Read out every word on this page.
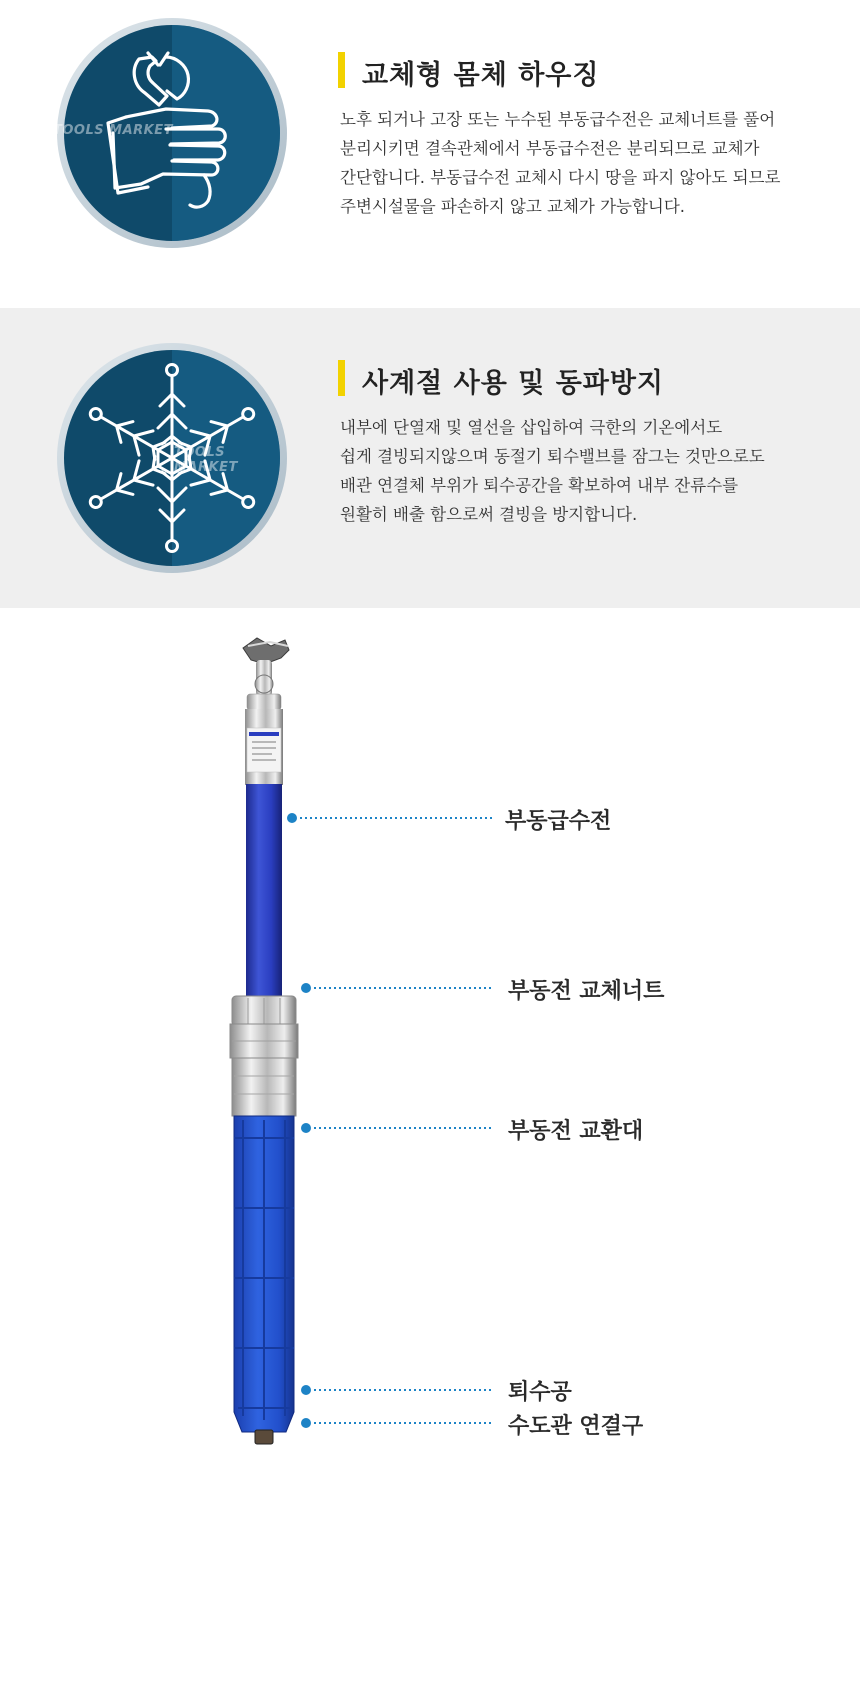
TOOLS MARKET
교체형 몸체 하우징

노후 되거나 고장 또는 누수된 부동급수전은 교체너트를 풀어

분리시키면 결속관체에서 부동급수전은 분리되므로 교체가

간단합니다. 부동급수전 교체시 다시 땅을 파지 않아도 되므로

주변시설물을 파손하지 않고 교체가 가능합니다.

TOOLS MARKET
사계절 사용 및 동파방지

내부에 단열재 및 열선을 삽입하여 극한의 기온에서도

쉽게 결빙되지않으며 동절기 퇴수밸브를 잠그는 것만으로도

배관 연결체 부위가 퇴수공간을 확보하여 내부 잔류수를

원활히 배출 함으로써 결빙을 방지합니다.

부동급수전
부동전 교체너트
부동전 교환대
퇴수공
수도관 연결구
